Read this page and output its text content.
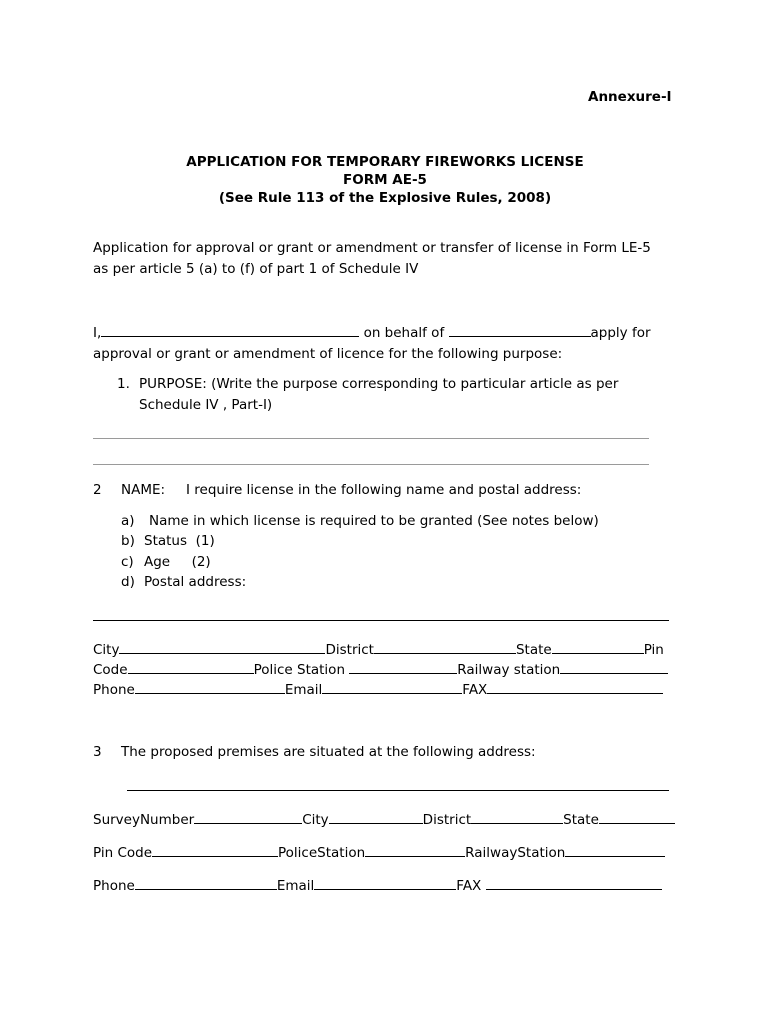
Annexure-I
APPLICATION FOR TEMPORARY FIREWORKS LICENSE
FORM AE-5
(See Rule 113 of the Explosive Rules, 2008)
Application for approval or grant or amendment or transfer of license in Form LE-5
as per article 5 (a) to (f) of part 1 of Schedule IV
I,	on behalf of	apply for
approval or grant or amendment of licence for the following purpose:
1. PURPOSE: (Write the purpose corresponding to particular article as per
Schedule IV , Part-I)
2 NAME: I require license in the following name and postal address:
a) Name in which license is required to be granted (See notes below)
b) Status  (1)
c) Age     (2)
d) Postal address:
City	District	State	Pin
Code	Police Station	Railway station
Phone	Email	FAX
3 The proposed premises are situated at the following address:
SurveyNumber	City	District	State
Pin Code	PoliceStation	RailwayStation
Phone	Email	FAX
